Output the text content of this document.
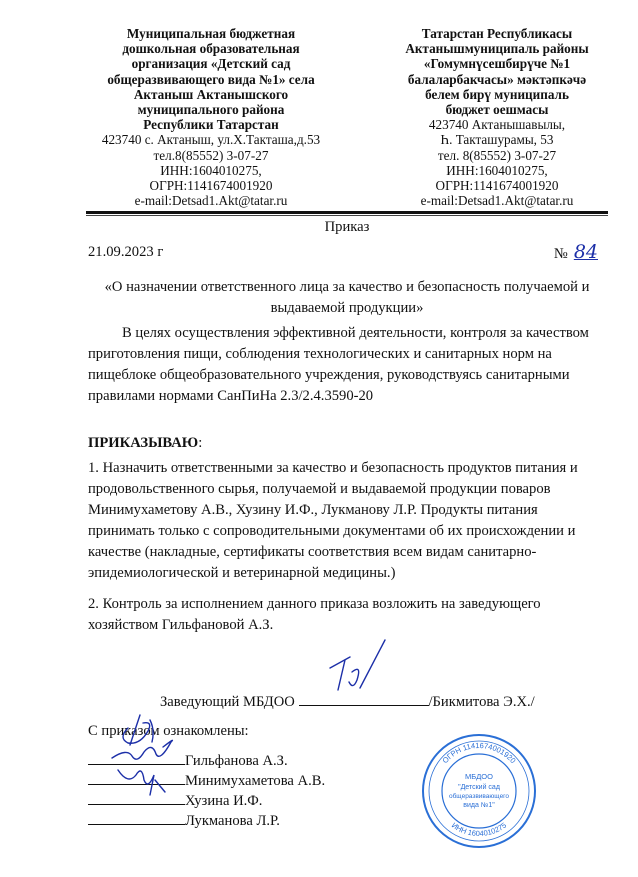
Муниципальная бюджетная
дошкольная образовательная
организация «Детский сад
общеразвивающего вида №1» села
Актаныш Актанышского
муниципального района
Республики Татарстан
423740 с. Актаныш, ул.Х.Такташа,д.53
тел.8(85552) 3-07-27
ИНН:1604010275,
ОГРН:1141674001920
e-mail:Detsad1.Akt@tatar.ru
Татарстан Республикасы
Актанышмуниципаль районы
«Гомумнүсешбирүче №1
балаларбакчасы» мәктәпкәчә
белем бирү муниципаль
бюджет оешмасы
423740 Актанышавылы,
Һ. Такташурамы, 53
тел. 8(85552) 3-07-27
ИНН:1604010275,
ОГРН:1141674001920
e-mail:Detsad1.Akt@tatar.ru
Приказ
21.09.2023 г	№ 84
«О назначении ответственного лица за качество и безопасность получаемой и выдаваемой продукции»
В целях осуществления эффективной деятельности, контроля за качеством приготовления пищи, соблюдения технологических и санитарных норм на пищеблоке общеобразовательного учреждения, руководствуясь санитарными правилами нормами СанПиНа 2.3/2.4.3590-20
ПРИКАЗЫВАЮ:
1. Назначить ответственными за качество и безопасность продуктов питания и продовольственного сырья, получаемой и выдаваемой продукции поваров Минимухаметову А.В., Хузину И.Ф., Лукманову Л.Р. Продукты питания принимать только с сопроводительными документами об их происхождении и качестве (накладные, сертификаты соответствия всем видам санитарно-эпидемиологической и ветеринарной медицины.)
2. Контроль за исполнением данного приказа возложить на заведующего хозяйством Гильфановой А.З.
Заведующий МБДОО	/Бикмитова Э.Х./
С приказом ознакомлены:
Гильфанова А.З.
Минимухаметова А.В.
Хузина И.Ф.
Лукманова Л.Р.
ОГРН 1141674001920
ИНН 1604010275
МБДОО
"Детский сад
общеразвивающего
вида №1"
